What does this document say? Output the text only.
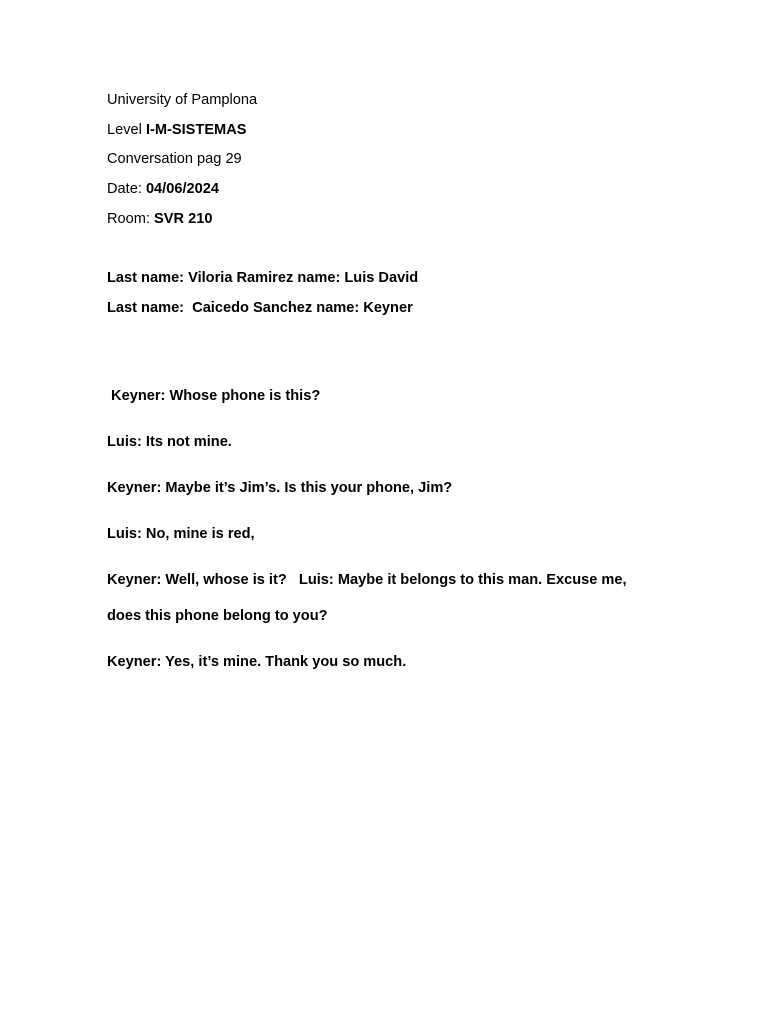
University of Pamplona
Level I-M-SISTEMAS
Conversation pag 29
Date: 04/06/2024
Room: SVR 210
Last name: Viloria Ramirez name: Luis David
Last name:  Caicedo Sanchez name: Keyner
Keyner: Whose phone is this?
Luis: Its not mine.
Keyner: Maybe it’s Jim’s. Is this your phone, Jim?
Luis: No, mine is red,
Keyner: Well, whose is it?   Luis: Maybe it belongs to this man. Excuse me, does this phone belong to you?
Keyner: Yes, it’s mine. Thank you so much.
